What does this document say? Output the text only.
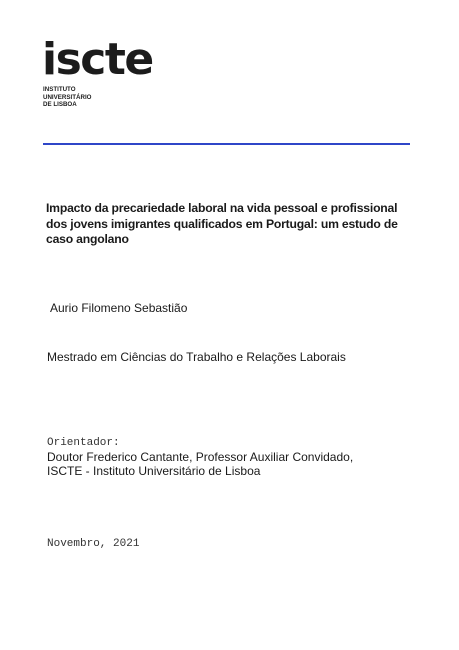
iscte
INSTITUTO
UNIVERSITÁRIO
DE LISBOA
Impacto da precariedade laboral na vida pessoal e profissional dos jovens imigrantes qualificados em Portugal: um estudo de caso angolano
Aurio Filomeno Sebastião
Mestrado em Ciências do Trabalho e Relações Laborais
Orientador:
Doutor Frederico Cantante, Professor Auxiliar Convidado,
ISCTE - Instituto Universitário de Lisboa
Novembro, 2021
